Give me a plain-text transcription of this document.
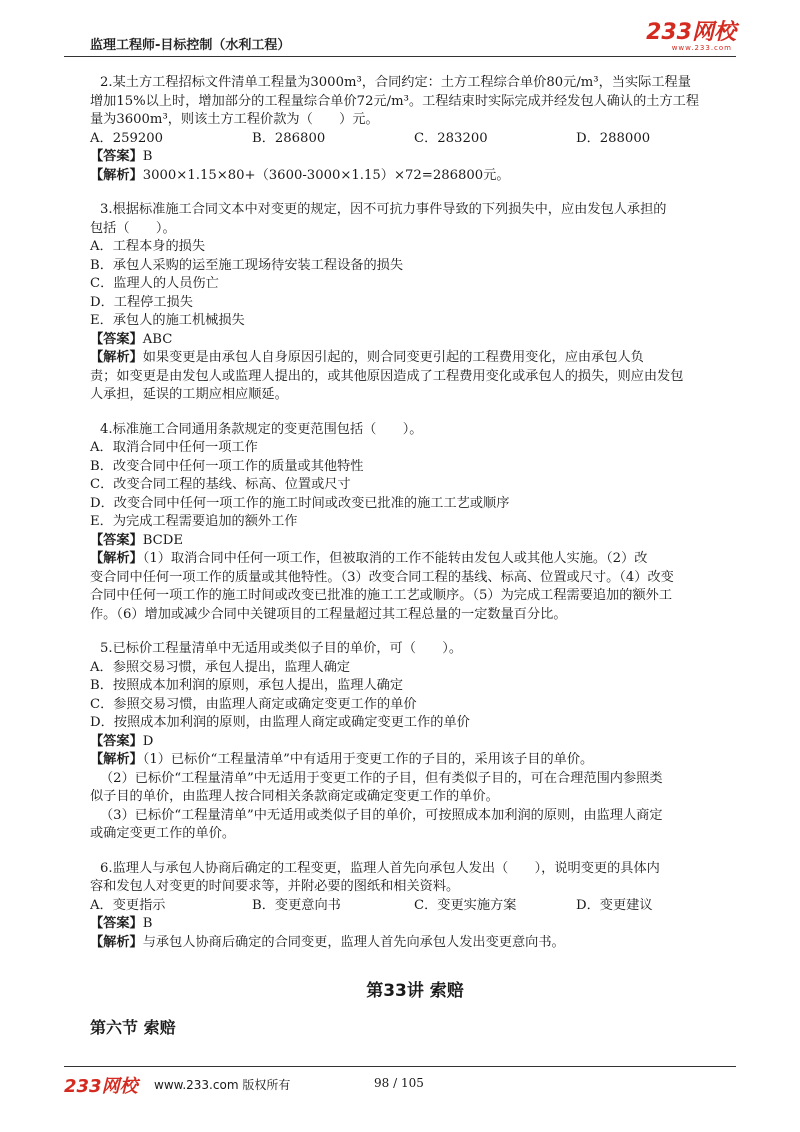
监理工程师-目标控制（水利工程）
233网校
www.233.com
2.某土方工程招标文件清单工程量为3000m³，合同约定：土方工程综合单价80元/m³，当实际工程量
增加15%以上时，增加部分的工程量综合单价72元/m³。工程结束时实际完成并经发包人确认的土方工程
量为3600m³，则该土方工程价款为（　　）元。
A．259200	B．286800	C．283200	D．288000
【答案】B
【解析】3000×1.15×80+（3600-3000×1.15）×72=286800元。
3.根据标准施工合同文本中对变更的规定，因不可抗力事件导致的下列损失中，应由发包人承担的
包括（　　）。
A．工程本身的损失
B．承包人采购的运至施工现场待安装工程设备的损失
C．监理人的人员伤亡
D．工程停工损失
E．承包人的施工机械损失
【答案】ABC
【解析】如果变更是由承包人自身原因引起的，则合同变更引起的工程费用变化，应由承包人负
责；如变更是由发包人或监理人提出的，或其他原因造成了工程费用变化或承包人的损失，则应由发包
人承担，延误的工期应相应顺延。
4.标准施工合同通用条款规定的变更范围包括（　　）。
A．取消合同中任何一项工作
B．改变合同中任何一项工作的质量或其他特性
C．改变合同工程的基线、标高、位置或尺寸
D．改变合同中任何一项工作的施工时间或改变已批准的施工工艺或顺序
E．为完成工程需要追加的额外工作
【答案】BCDE
【解析】（1）取消合同中任何一项工作，但被取消的工作不能转由发包人或其他人实施。（2）改
变合同中任何一项工作的质量或其他特性。（3）改变合同工程的基线、标高、位置或尺寸。（4）改变
合同中任何一项工作的施工时间或改变已批准的施工工艺或顺序。（5）为完成工程需要追加的额外工
作。（6）增加或减少合同中关键项目的工程量超过其工程总量的一定数量百分比。
5.已标价工程量清单中无适用或类似子目的单价，可（　　）。
A．参照交易习惯，承包人提出，监理人确定
B．按照成本加利润的原则，承包人提出，监理人确定
C．参照交易习惯，由监理人商定或确定变更工作的单价
D．按照成本加利润的原则，由监理人商定或确定变更工作的单价
【答案】D
【解析】（1）已标价“工程量清单”中有适用于变更工作的子目的，采用该子目的单价。
（2）已标价“工程量清单”中无适用于变更工作的子目，但有类似子目的，可在合理范围内参照类
似子目的单价，由监理人按合同相关条款商定或确定变更工作的单价。
（3）已标价“工程量清单”中无适用或类似子目的单价，可按照成本加利润的原则，由监理人商定
或确定变更工作的单价。
6.监理人与承包人协商后确定的工程变更，监理人首先向承包人发出（　　），说明变更的具体内
容和发包人对变更的时间要求等，并附必要的图纸和相关资料。
A．变更指示	B．变更意向书	C．变更实施方案	D．变更建议
【答案】B
【解析】与承包人协商后确定的合同变更，监理人首先向承包人发出变更意向书。
第33讲 索赔
第六节 索赔
233网校 www.233.com 版权所有	98 / 105
